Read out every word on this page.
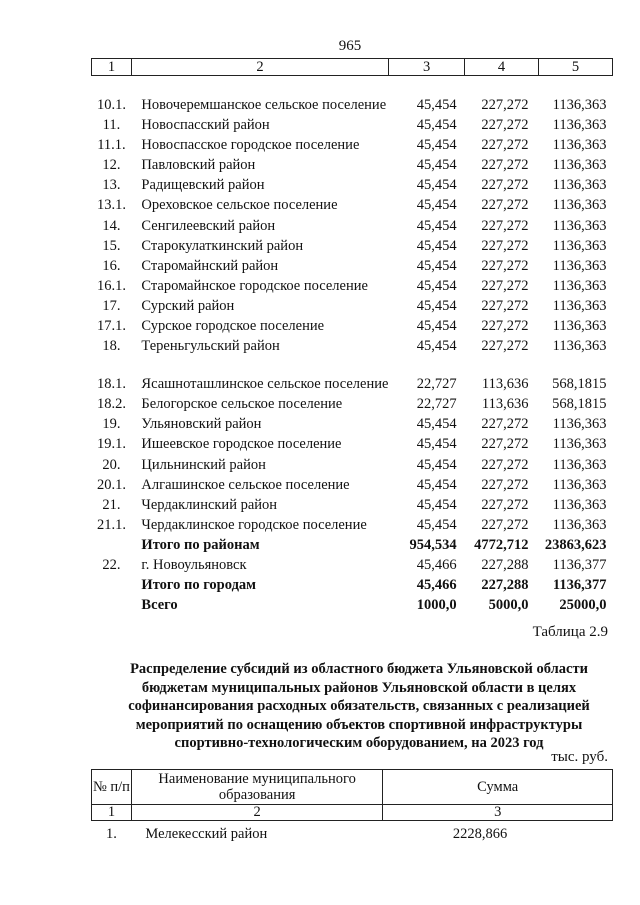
965
1	2	3	4	5
10.1.	Новочеремшанское сельское поселение	45,454	227,272	1136,363
11.	Новоспасский район	45,454	227,272	1136,363
11.1.	Новоспасское городское поселение	45,454	227,272	1136,363
12.	Павловский район	45,454	227,272	1136,363
13.	Радищевский район	45,454	227,272	1136,363
13.1.	Ореховское сельское поселение	45,454	227,272	1136,363
14.	Сенгилеевский район	45,454	227,272	1136,363
15.	Старокулаткинский район	45,454	227,272	1136,363
16.	Старомайнский район	45,454	227,272	1136,363
16.1.	Старомайнское городское поселение	45,454	227,272	1136,363
17.	Сурский район	45,454	227,272	1136,363
17.1.	Сурское городское поселение	45,454	227,272	1136,363
18.	Тереньгульский район	45,454	227,272	1136,363
18.1.	Ясашноташлинское сельское поселение	22,727	113,636	568,1815
18.2.	Белогорское сельское поселение	22,727	113,636	568,1815
19.	Ульяновский район	45,454	227,272	1136,363
19.1.	Ишеевское городское поселение	45,454	227,272	1136,363
20.	Цильнинский район	45,454	227,272	1136,363
20.1.	Алгашинское сельское поселение	45,454	227,272	1136,363
21.	Чердаклинский район	45,454	227,272	1136,363
21.1.	Чердаклинское городское поселение	45,454	227,272	1136,363
	Итого по районам	954,534	4772,712	23863,623
22.	г. Новоульяновск	45,466	227,288	1136,377
	Итого по городам	45,466	227,288	1136,377
	Всего	1000,0	5000,0	25000,0
Таблица 2.9
Распределение субсидий из областного бюджета Ульяновской области бюджетам муниципальных районов Ульяновской области в целях софинансирования расходных обязательств, связанных с реализацией мероприятий по оснащению объектов спортивной инфраструктуры спортивно-технологическим оборудованием, на 2023 год
тыс. руб.
№ п/п	Наименование муниципального образования	Сумма
1	2	3
1.	Мелекесский район	2228,866
